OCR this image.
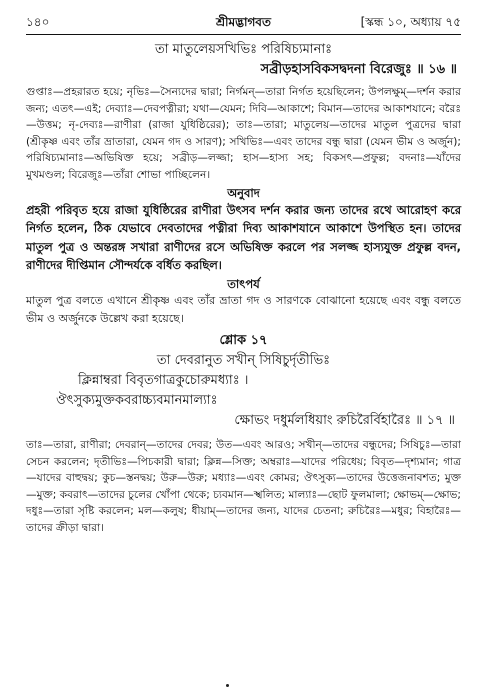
১৪০	শ্রীমদ্ভাগবত	[স্কন্ধ ১০, অধ্যায় ৭৫

তা মাতুলেয়সখিভিঃ পরিষিচ্যমানাঃ

সব্রীড়হাসবিকসদ্বদনা বিরেজুঃ ॥ ১৬ ॥

গুপ্তাঃ—প্রহরারত হয়ে; নৃভিঃ—সৈন্যদের দ্বারা; নির্গমন্—তারা নির্গত হয়েছিলেন; উপলক্ষুম্—দর্শন করার জন্য; এতৎ—এই; দেব্যাঃ—দেবপত্নীরা; যথা—যেমন; দিবি—আকাশে; বিমান—তাদের আকাশযানে; বরৈঃ—উত্তম; নৃ-দেব্যঃ—রাণীরা (রাজা যুধিষ্ঠিরের); তাঃ—তারা; মাতুলেয়—তাদের মাতুল পুত্রদের দ্বারা (শ্রীকৃষ্ণ এবং তাঁর ভ্রাতারা, যেমন গদ ও সারণ); সখিভিঃ—এবং তাদের বন্ধু দ্বারা (যেমন ভীম ও অর্জুন); পরিষিচ্যমানাঃ—অভিষিক্ত হয়ে; সব্রীড়—লজ্জা; হাস—হাস্য সহ; বিকসৎ—প্রফুল্ল; বদনাঃ—যাঁদের মুখমণ্ডল; বিরেজুঃ—তাঁরা শোভা পাচ্ছিলেন।

অনুবাদ

প্রহরী পরিবৃত হয়ে রাজা যুধিষ্ঠিরের রাণীরা উৎসব দর্শন করার জন্য তাদের রথে আরোহণ করে নির্গত হলেন, ঠিক যেভাবে দেবতাদের পত্নীরা দিব্য আকাশযানে আকাশে উপস্থিত হন। তাদের মাতুল পুত্র ও অন্তরঙ্গ সখারা রাণীদের রসে অভিষিক্ত করলে পর সলজ্জ হাস্যযুক্ত প্রফুল্ল বদন, রাণীদের দীপ্তিমান সৌন্দর্যকে বর্ধিত করছিল।

তাৎপর্য

মাতুল পুত্র বলতে এখানে শ্রীকৃষ্ণ এবং তাঁর ভ্রাতা গদ ও সারণকে বোঝানো হয়েছে এবং বন্ধু বলতে ভীম ও অর্জুনকে উল্লেখ করা হয়েছে।

শ্লোক ১৭

তা দেবরানুত সখীন্ সিষিচুর্দৃতীভিঃ

ক্লিন্নাম্বরা বিবৃতগাত্রকুচোরুমধ্যাঃ ।

ঔৎসুক্যমুক্তকবরাচ্চ্যবমানমাল্যাঃ

ক্ষোভং দধুর্মলধিয়াং রুচিরৈর্বিহারৈঃ ॥ ১৭ ॥

তাঃ—তারা, রাণীরা; দেবরান্—তাদের দেবর; উত—এবং আরও; সখীন্—তাদের বন্ধুদের; সিষিচুঃ—তারা সেচন করলেন; দৃতীভিঃ—পিচকারী দ্বারা; ক্লিন্ন—সিক্ত; অম্বরাঃ—যাদের পরিধেয়; বিবৃত—দৃশ্যমান; গাত্র—যাদের বাহুদ্বয়; কুচ—স্তনদ্বয়; উরু—উরু; মধ্যাঃ—এবং কোমর; ঔৎসুক্য—তাদের উত্তেজনাবশত; মুক্ত—মুক্ত; কবরাৎ—তাদের চুলের খোঁপা থেকে; চ্যবমান—স্খলিত; মাল্যাঃ—ছোট ফুলমালা; ক্ষোভম্—ক্ষোভ; দধুঃ—তারা সৃষ্টি করলেন; মল—কলুষ; ধীয়াম্—তাদের জন্য, যাদের চেতনা; রুচিরৈঃ—মধুর; বিহারৈঃ—তাদের ক্রীড়া দ্বারা।
